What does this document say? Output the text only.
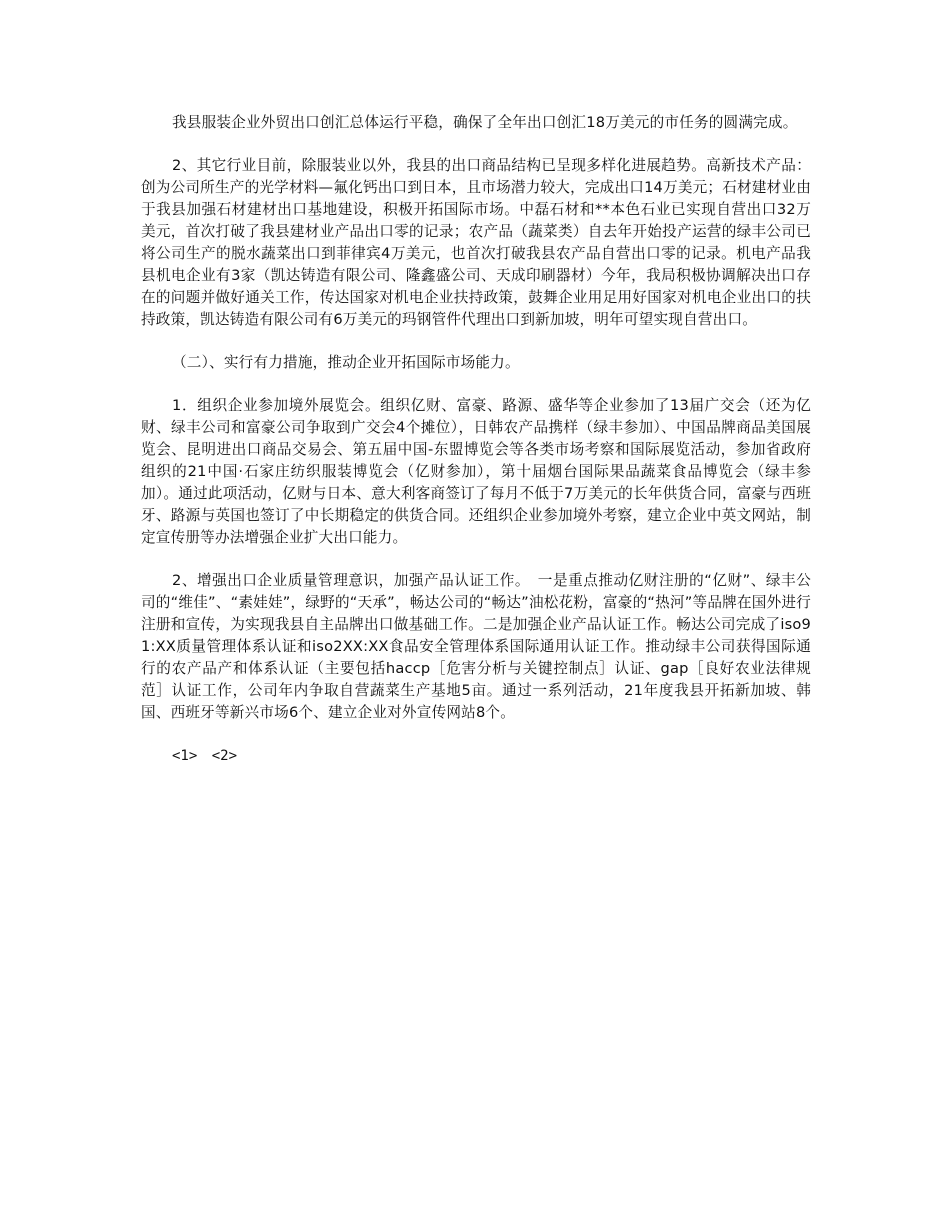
我县服装企业外贸出口创汇总体运行平稳，确保了全年出口创汇18万美元的市任务的圆满完成。

2、其它行业目前，除服装业以外，我县的出口商品结构已呈现多样化进展趋势。高新技术产品：创为公司所生产的光学材料—氟化钙出口到日本，且市场潜力较大，完成出口14万美元；石材建材业由于我县加强石材建材出口基地建设，积极开拓国际市场。中磊石材和**本色石业已实现自营出口32万美元，首次打破了我县建材业产品出口零的记录；农产品（蔬菜类）自去年开始投产运营的绿丰公司已将公司生产的脱水蔬菜出口到菲律宾4万美元，也首次打破我县农产品自营出口零的记录。机电产品我县机电企业有3家（凯达铸造有限公司、隆鑫盛公司、天成印刷器材）今年，我局积极协调解决出口存在的问题并做好通关工作，传达国家对机电企业扶持政策，鼓舞企业用足用好国家对机电企业出口的扶持政策，凯达铸造有限公司有6万美元的玛钢管件代理出口到新加坡，明年可望实现自营出口。

（二）、实行有力措施，推动企业开拓国际市场能力。

1．组织企业参加境外展览会。组织亿财、富豪、路源、盛华等企业参加了13届广交会（还为亿财、绿丰公司和富豪公司争取到广交会4个摊位），日韩农产品携样（绿丰参加）、中国品牌商品美国展览会、昆明进出口商品交易会、第五届中国-东盟博览会等各类市场考察和国际展览活动，参加省政府组织的21中国·石家庄纺织服装博览会（亿财参加），第十届烟台国际果品蔬菜食品博览会（绿丰参加）。通过此项活动，亿财与日本、意大利客商签订了每月不低于7万美元的长年供货合同，富豪与西班牙、路源与英国也签订了中长期稳定的供货合同。还组织企业参加境外考察，建立企业中英文网站，制定宣传册等办法增强企业扩大出口能力。

2、增强出口企业质量管理意识，加强产品认证工作。　一是重点推动亿财注册的“亿财”、绿丰公司的“维佳”、“素娃娃”，绿野的“天承”，畅达公司的“畅达”油松花粉，富豪的“热河”等品牌在国外进行注册和宣传，为实现我县自主品牌出口做基础工作。二是加强企业产品认证工作。畅达公司完成了iso91:XX质量管理体系认证和iso2XX:XX食品安全管理体系国际通用认证工作。推动绿丰公司获得国际通行的农产品产和体系认证（主要包括haccp［危害分析与关键控制点］认证、gap［良好农业法律规范］认证工作，公司年内争取自营蔬菜生产基地5亩。通过一系列活动，21年度我县开拓新加坡、韩国、西班牙等新兴市场6个、建立企业对外宣传网站8个。

<1> <2>
